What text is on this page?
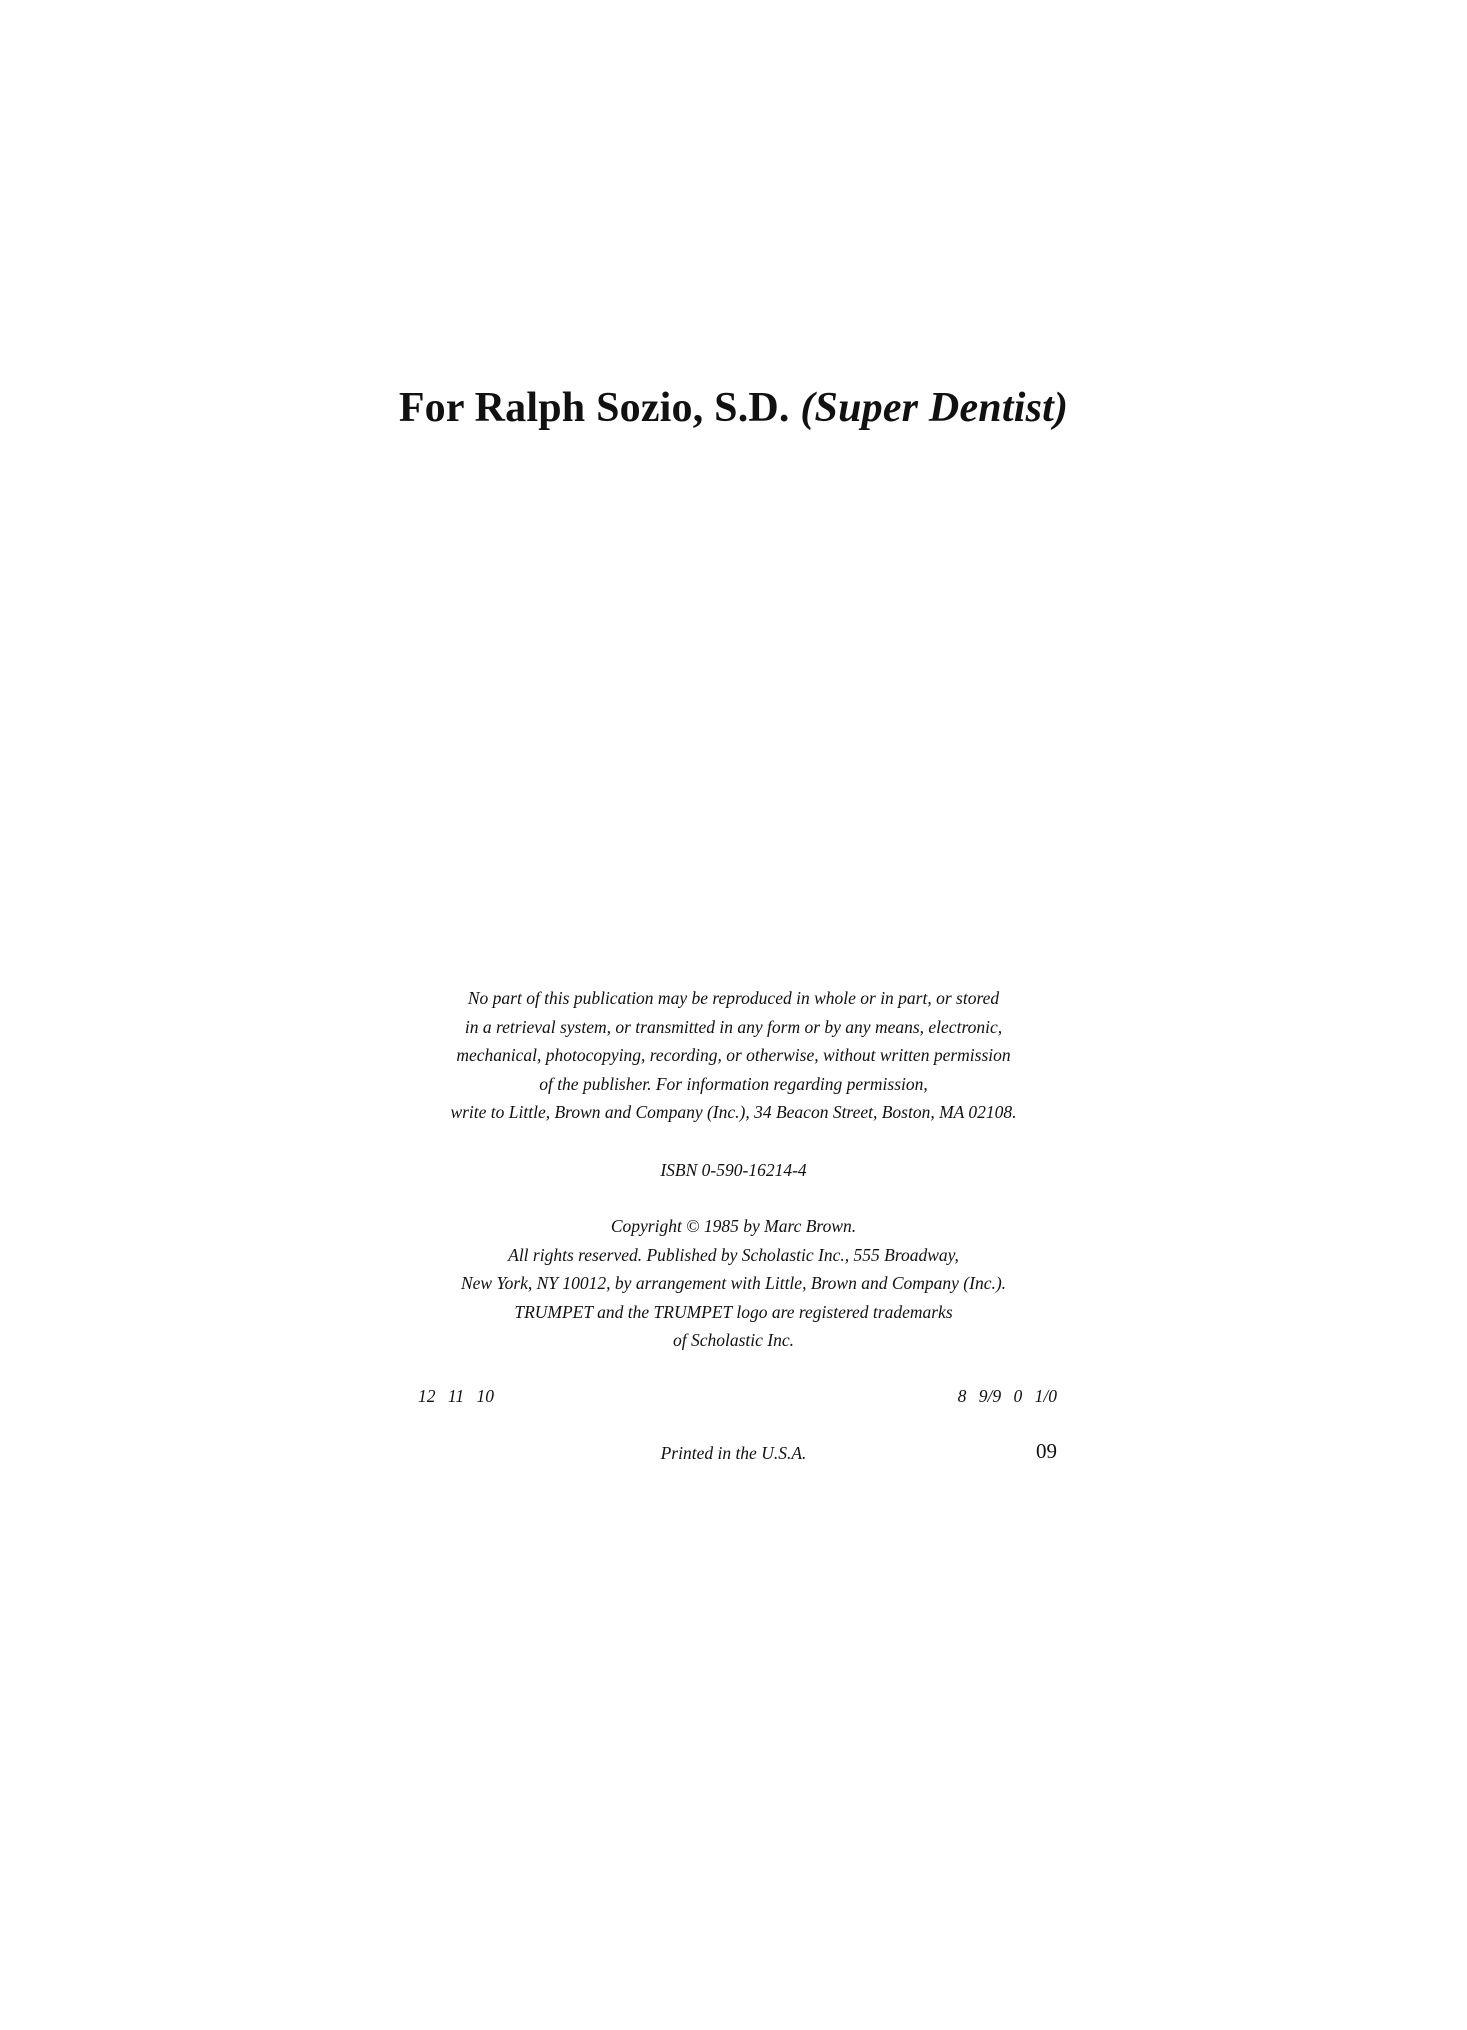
For Ralph Sozio, S.D. (Super Dentist)
No part of this publication may be reproduced in whole or in part, or stored
in a retrieval system, or transmitted in any form or by any means, electronic,
mechanical, photocopying, recording, or otherwise, without written permission
of the publisher. For information regarding permission,
write to Little, Brown and Company (Inc.), 34 Beacon Street, Boston, MA 02108.
ISBN 0-590-16214-4
Copyright © 1985 by Marc Brown.
All rights reserved. Published by Scholastic Inc., 555 Broadway,
New York, NY 10012, by arrangement with Little, Brown and Company (Inc.).
TRUMPET and the TRUMPET logo are registered trademarks
of Scholastic Inc.
12 11 10	8 9/9 0 1/0
Printed in the U.S.A.	09
